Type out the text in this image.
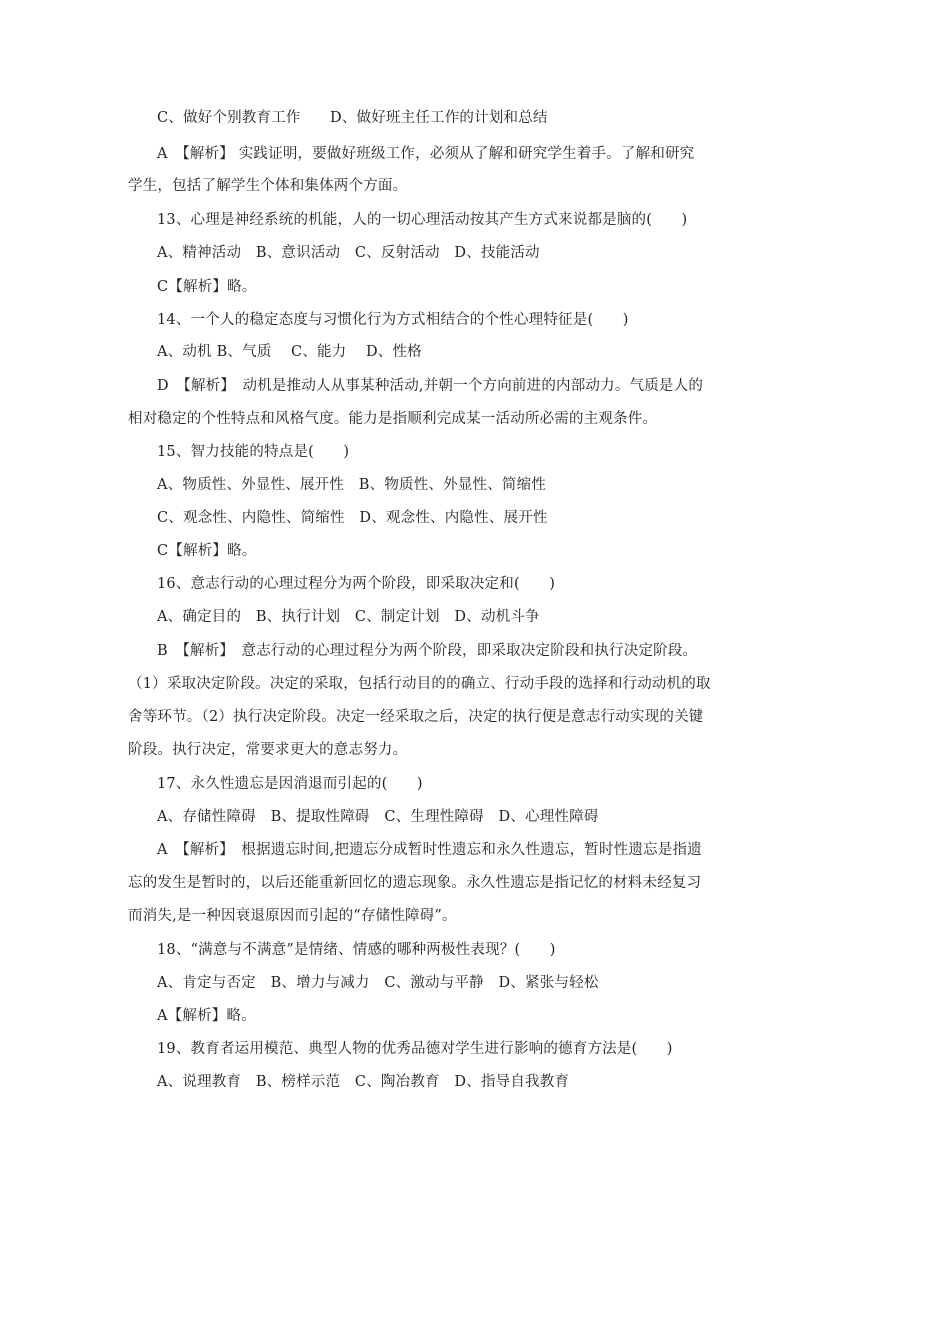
C、做好个别教育工作　　D、做好班主任工作的计划和总结
A　【解析】 实践证明，要做好班级工作，必须从了解和研究学生着手。了解和研究
学生，包括了解学生个体和集体两个方面。
13、心理是神经系统的机能，人的一切心理活动按其产生方式来说都是脑的(　　)
A、精神活动　B、意识活动　C、反射活动　D、技能活动
C【解析】略。
14、一个人的稳定态度与习惯化行为方式相结合的个性心理特征是(　　)
A、动机 B、气质　 C、能力　 D、性格
D　【解析】　动机是推动人从事某种活动,并朝一个方向前进的内部动力。气质是人的
相对稳定的个性特点和风格气度。能力是指顺利完成某一活动所必需的主观条件。
15、智力技能的特点是(　　)
A、物质性、外显性、展开性　B、物质性、外显性、简缩性
C、观念性、内隐性、简缩性　D、观念性、内隐性、展开性
C【解析】略。
16、意志行动的心理过程分为两个阶段，即采取决定和(　　)
A、确定目的　B、执行计划　C、制定计划　D、动机斗争
B　【解析】　意志行动的心理过程分为两个阶段，即采取决定阶段和执行决定阶段。
（1）采取决定阶段。决定的采取，包括行动目的的确立、行动手段的选择和行动动机的取
舍等环节。（2）执行决定阶段。决定一经采取之后，决定的执行便是意志行动实现的关键
阶段。执行决定，常要求更大的意志努力。
17、永久性遗忘是因消退而引起的(　　)
A、存储性障碍　B、提取性障碍　C、生理性障碍　D、心理性障碍
A　【解析】　根据遗忘时间,把遗忘分成暂时性遗忘和永久性遗忘，暂时性遗忘是指遗
忘的发生是暂时的，以后还能重新回忆的遗忘现象。永久性遗忘是指记忆的材料未经复习
而消失,是一种因衰退原因而引起的“存储性障碍”。
18、“满意与不满意”是情绪、情感的哪种两极性表现？(　　)
A、肯定与否定　B、增力与减力　C、激动与平静　D、紧张与轻松
A【解析】略。
19、教育者运用模范、典型人物的优秀品德对学生进行影响的德育方法是(　　)
A、说理教育　B、榜样示范　C、陶冶教育　D、指导自我教育
